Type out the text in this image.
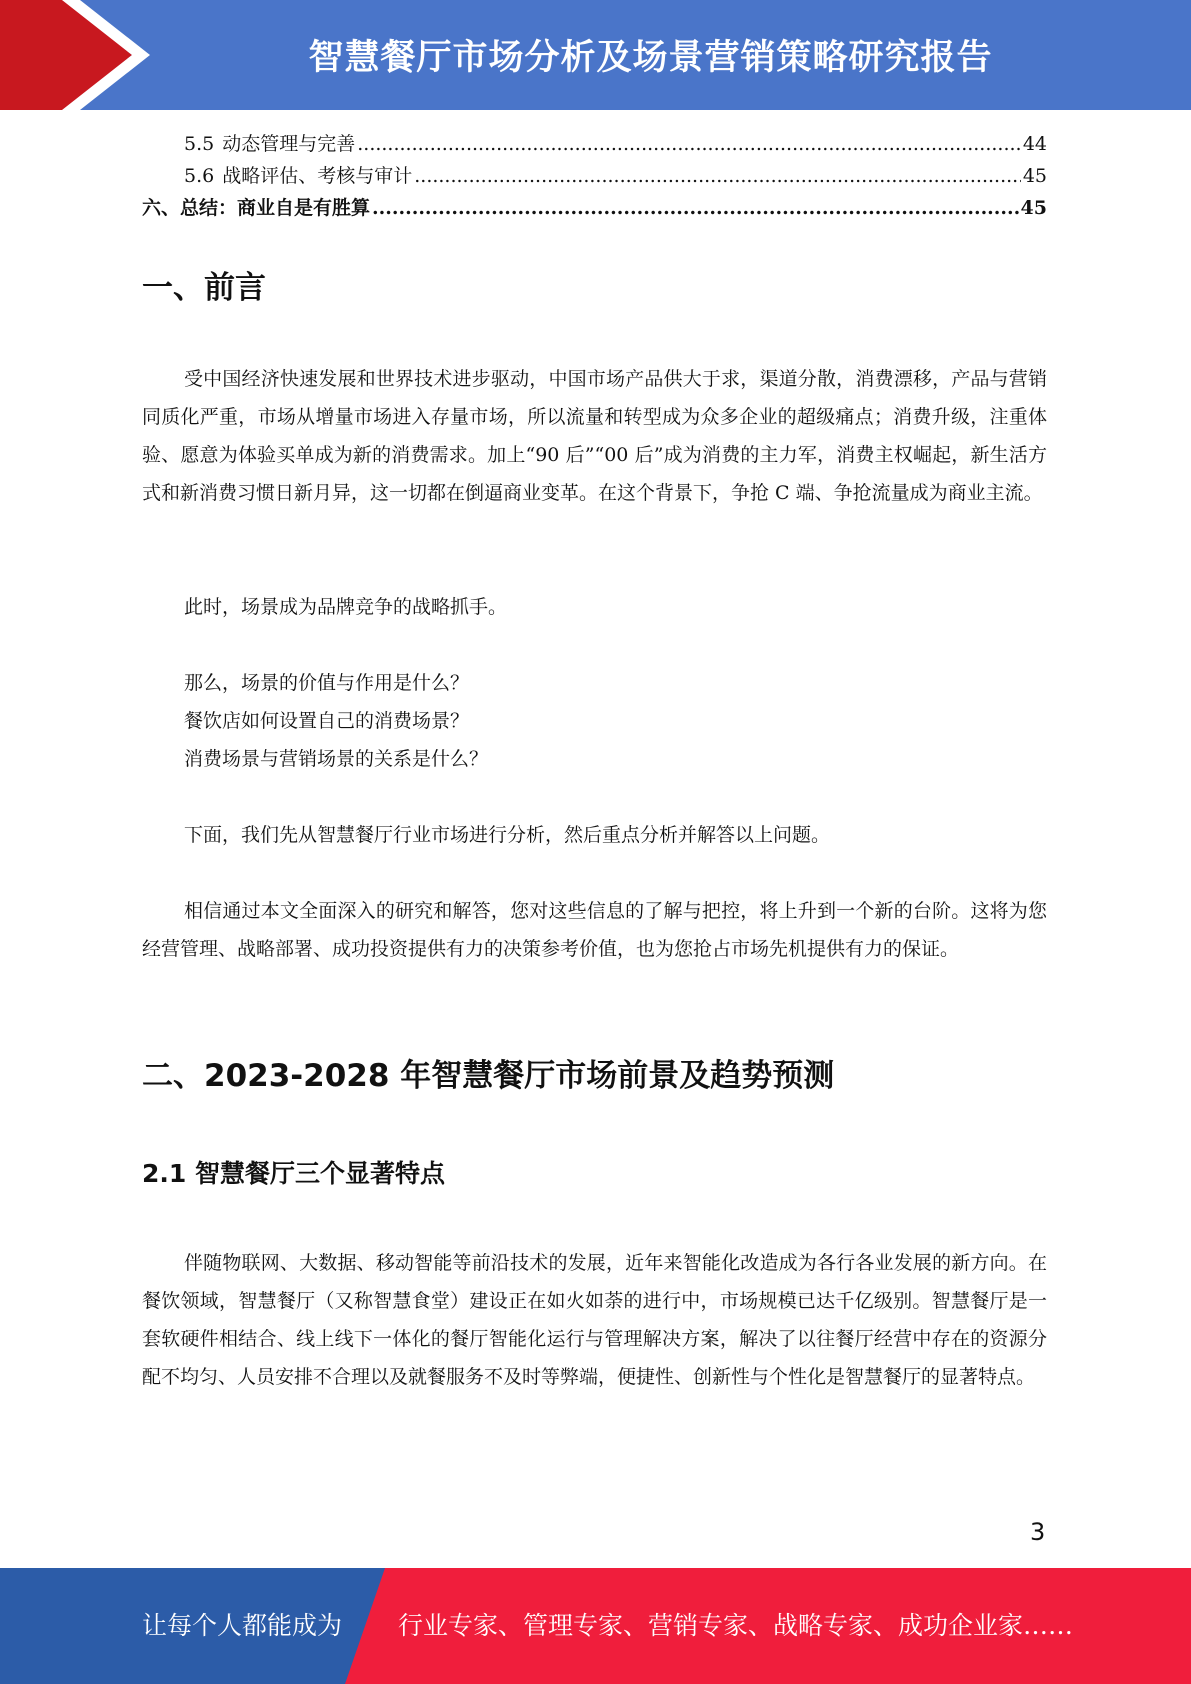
智慧餐厅市场分析及场景营销策略研究报告
5.5 动态管理与完善 .....	44
5.6 战略评估、考核与审计 .....	45
六、总结：商业自是有胜算 .....	45
一、前言

受中国经济快速发展和世界技术进步驱动，中国市场产品供大于求，渠道分散，消费漂移，产品与营销同质化严重，市场从增量市场进入存量市场，所以流量和转型成为众多企业的超级痛点；消费升级，注重体验、愿意为体验买单成为新的消费需求。加上“90 后”“00 后”成为消费的主力军，消费主权崛起，新生活方式和新消费习惯日新月异，这一切都在倒逼商业变革。在这个背景下，争抢 C 端、争抢流量成为商业主流。

此时，场景成为品牌竞争的战略抓手。

那么，场景的价值与作用是什么？

餐饮店如何设置自己的消费场景？

消费场景与营销场景的关系是什么？

下面，我们先从智慧餐厅行业市场进行分析，然后重点分析并解答以上问题。

相信通过本文全面深入的研究和解答，您对这些信息的了解与把控，将上升到一个新的台阶。这将为您经营管理、战略部署、成功投资提供有力的决策参考价值，也为您抢占市场先机提供有力的保证。

二、2023-2028 年智慧餐厅市场前景及趋势预测
2.1 智慧餐厅三个显著特点

伴随物联网、大数据、移动智能等前沿技术的发展，近年来智能化改造成为各行各业发展的新方向。在餐饮领域，智慧餐厅（又称智慧食堂）建设正在如火如荼的进行中，市场规模已达千亿级别。智慧餐厅是一套软硬件相结合、线上线下一体化的餐厅智能化运行与管理解决方案，解决了以往餐厅经营中存在的资源分配不均匀、人员安排不合理以及就餐服务不及时等弊端，便捷性、创新性与个性化是智慧餐厅的显著特点。

3
让每个人都能成为 行业专家、管理专家、营销专家、战略专家、成功企业家……
